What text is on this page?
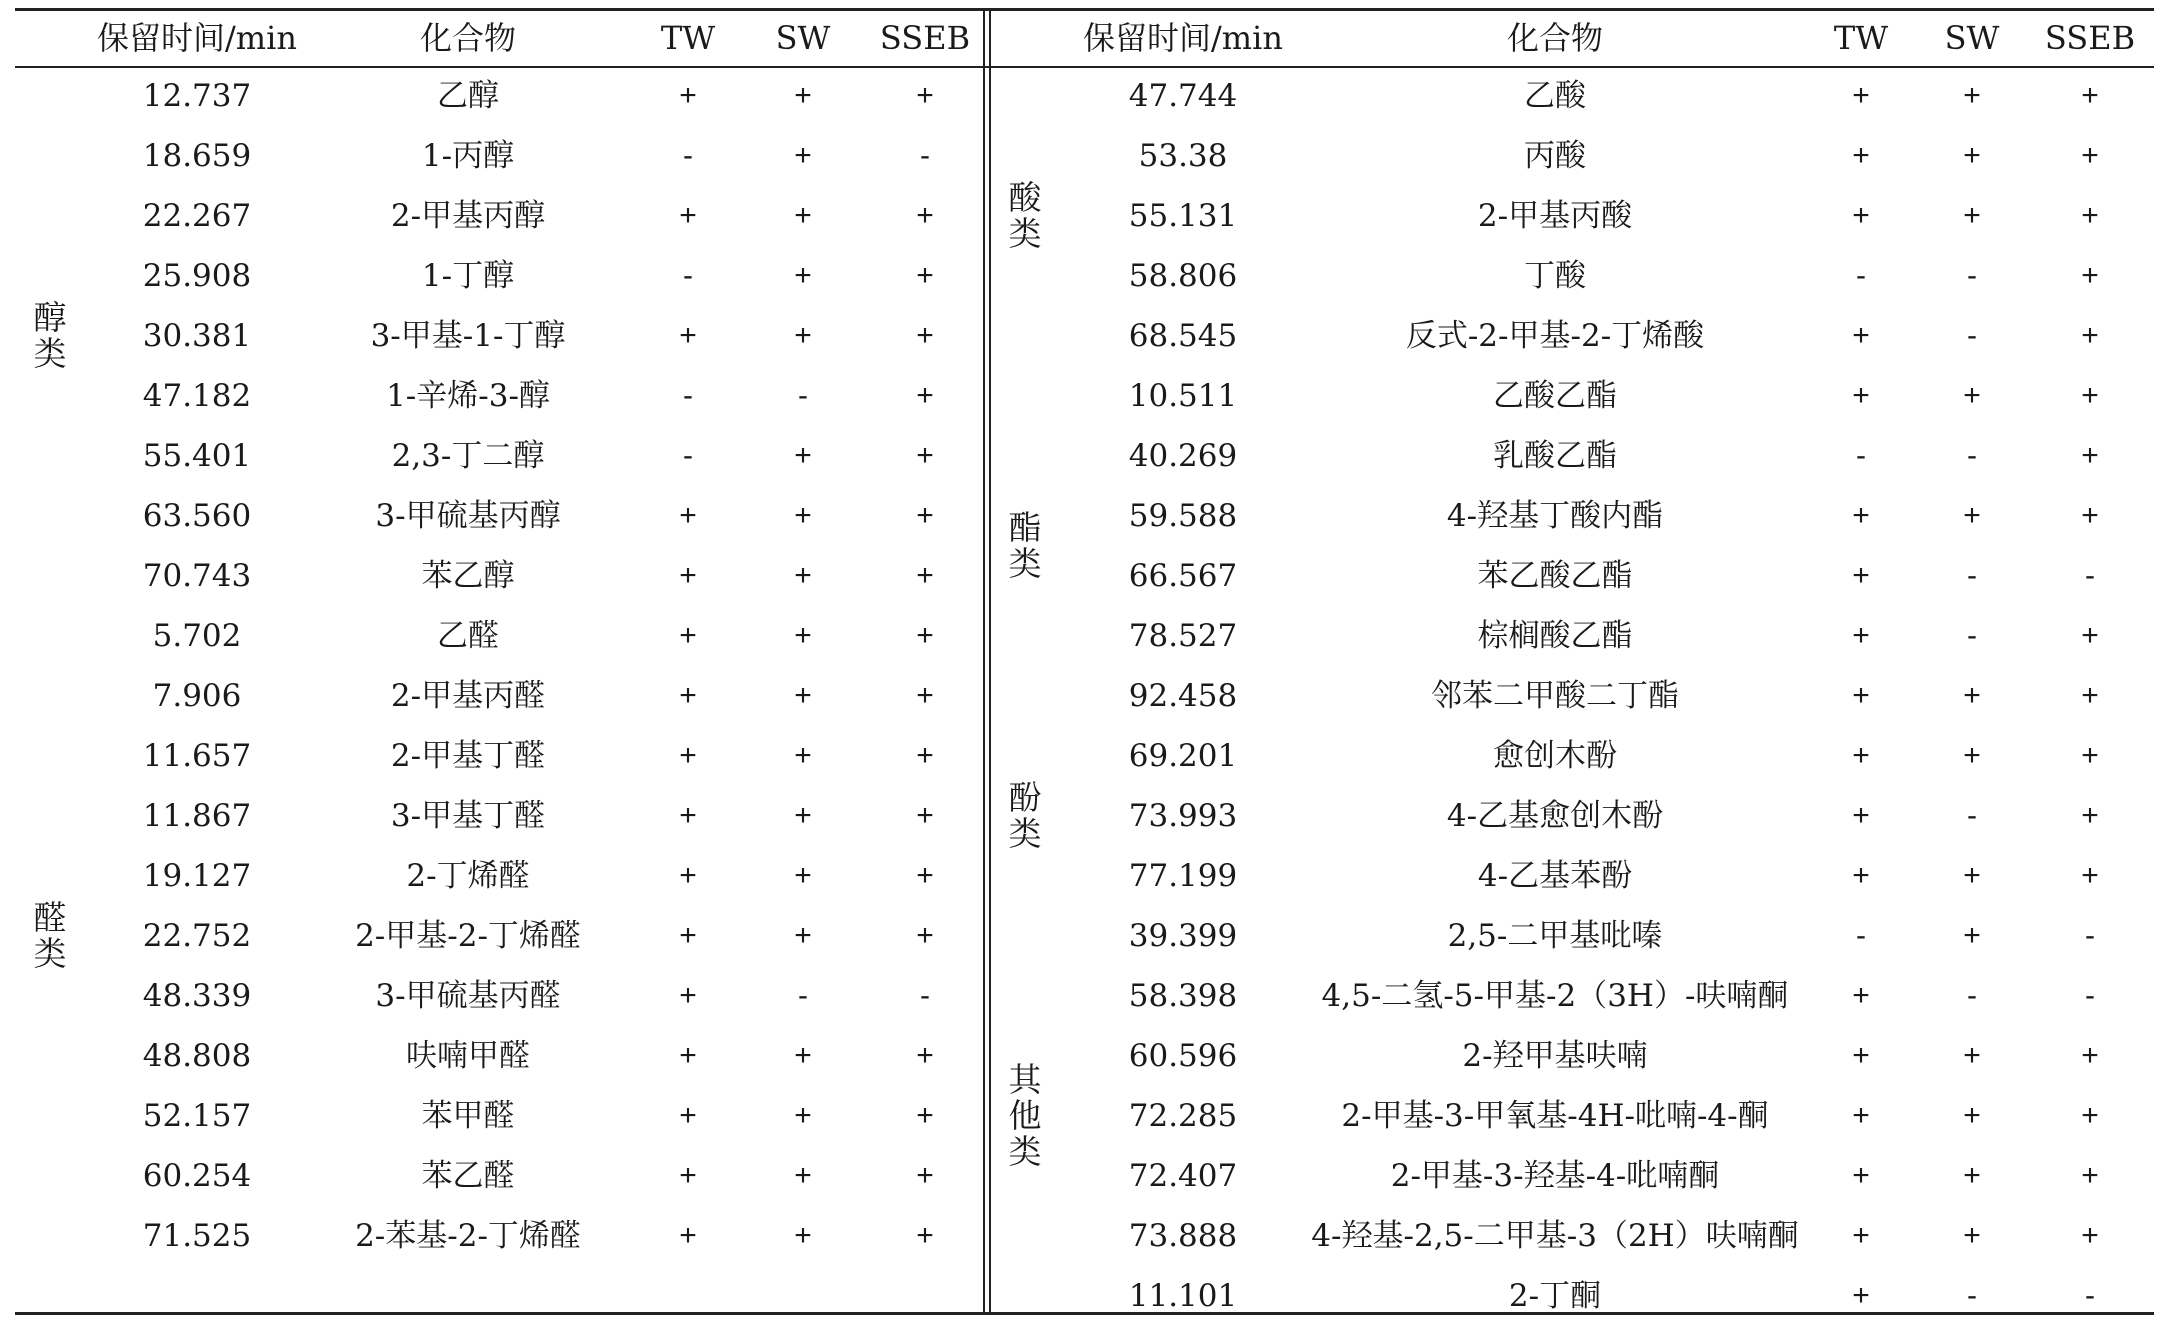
保留时间/min	化合物	TW SW SSEB
12.737	乙醇	+	+	+
18.659	1-丙醇	-	+	-
22.267	2-甲基丙醇	+	+	+
25.908	1-丁醇	-	+	+
30.381	3-甲基-1-丁醇	+	+	+
47.182	1-辛烯-3-醇	-	-	+
55.401	2,3-丁二醇	-	+	+
63.560	3-甲硫基丙醇	+	+	+
70.743	苯乙醇	+	+	+
醇
类
5.702	乙醛	+	+	+
7.906	2-甲基丙醛	+	+	+
11.657	2-甲基丁醛	+	+	+
11.867	3-甲基丁醛	+	+	+
19.127	2-丁烯醛	+	+	+
22.752	2-甲基-2-丁烯醛	+	+	+
48.339	3-甲硫基丙醛	+	-	-
48.808	呋喃甲醛	+	+	+
52.157	苯甲醛	+	+	+
60.254	苯乙醛	+	+	+
71.525	2-苯基-2-丁烯醛	+	+	+
醛
类
保留时间/min	化合物	TW SW SSEB
47.744	乙酸	+	+	+
53.38	丙酸	+	+	+
55.131	2-甲基丙酸	+	+	+
58.806	丁酸	-	-	+
68.545	反式-2-甲基-2-丁烯酸	+	-	+
酸
类
10.511	乙酸乙酯	+	+	+
40.269	乳酸乙酯	-	-	+
59.588	4-羟基丁酸内酯	+	+	+
66.567	苯乙酸乙酯	+	-	-
78.527	棕榈酸乙酯	+	-	+
92.458	邻苯二甲酸二丁酯	+	+	+
酯
类
69.201	愈创木酚	+	+	+
73.993	4-乙基愈创木酚	+	-	+
77.199	4-乙基苯酚	+	+	+
酚
类
39.399	2,5-二甲基吡嗪	-	+	-
58.398	4,5-二氢-5-甲基-2（3H）-呋喃酮 +	-	-
60.596	2-羟甲基呋喃	+	+	+
72.285	2-甲基-3-甲氧基-4H-吡喃-4-酮	+	+	+
72.407	2-甲基-3-羟基-4-吡喃酮	+	+	+
73.888 4-羟基-2,5-二甲基-3（2H）呋喃酮 +	+	+
11.101	2-丁酮	+	-	-
其
他
类
